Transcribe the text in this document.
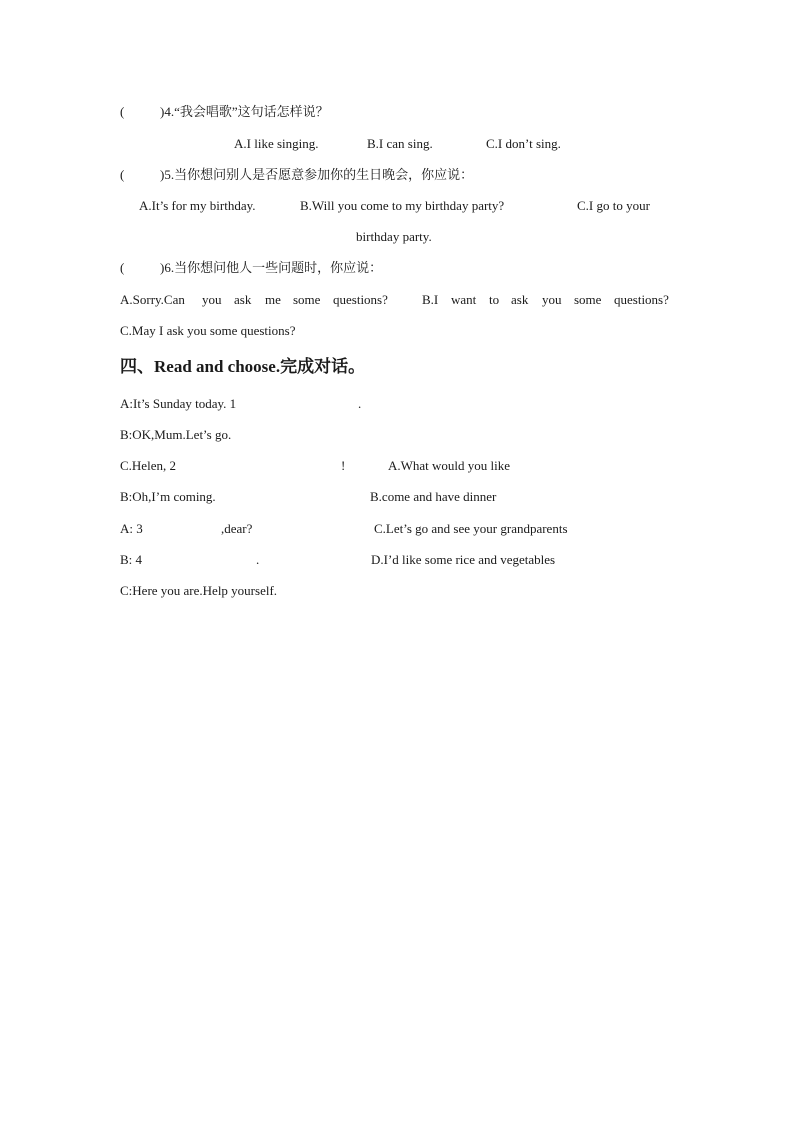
(	)4.“我会唱歌”这句话怎样说？
A.I like singing.	B.I can sing.	C.I don’t sing.
(	)5.当你想问别人是否愿意参加你的生日晚会，你应说：
A.It’s for my birthday.	B.Will you come to my birthday party?	C.I go to your
birthday party.
(	)6.当你想问他人一些问题时，你应说：
A.Sorry.Can you ask me some questions?	B.I want to ask you some questions?
C.May I ask you some questions?
四、Read and choose.完成对话。
A:It’s Sunday today. 1	.
B:OK,Mum.Let’s go.
C.Helen, 2	!	A.What would you like
B:Oh,I’m coming.	B.come and have dinner
A: 3	,dear?	C.Let’s go and see your grandparents
B: 4	.	D.I’d like some rice and vegetables
C:Here you are.Help yourself.
